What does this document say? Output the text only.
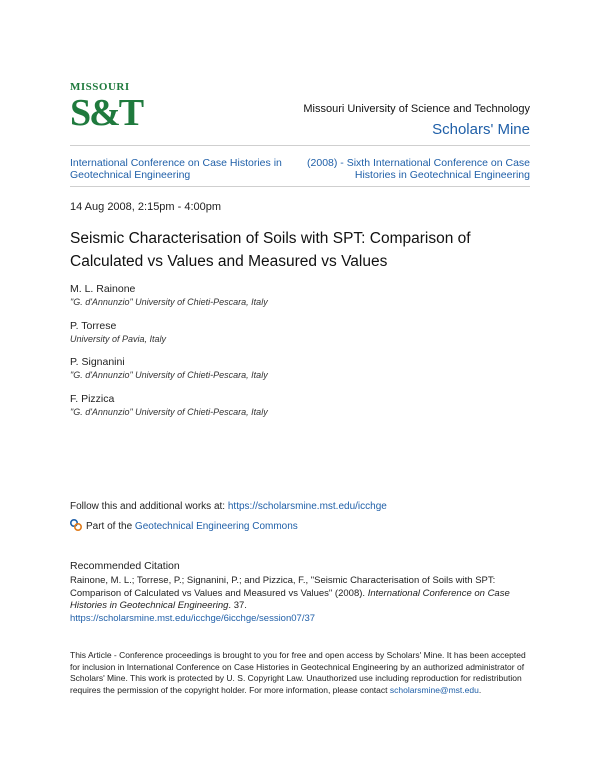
MISSOURI
S&T	Missouri University of Science and Technology
Scholars' Mine
International Conference on Case Histories in Geotechnical Engineering
(2008) - Sixth International Conference on Case Histories in Geotechnical Engineering
14 Aug 2008, 2:15pm - 4:00pm
Seismic Characterisation of Soils with SPT: Comparison of Calculated vs Values and Measured vs Values
M. L. Rainone
"G. d'Annunzio" University of Chieti-Pescara, Italy
P. Torrese
University of Pavia, Italy
P. Signanini
"G. d'Annunzio" University of Chieti-Pescara, Italy
F. Pizzica
"G. d'Annunzio" University of Chieti-Pescara, Italy
Follow this and additional works at: https://scholarsmine.mst.edu/icchge
Part of the Geotechnical Engineering Commons
Recommended Citation
Rainone, M. L.; Torrese, P.; Signanini, P.; and Pizzica, F., "Seismic Characterisation of Soils with SPT: Comparison of Calculated vs Values and Measured vs Values" (2008). International Conference on Case Histories in Geotechnical Engineering. 37.
https://scholarsmine.mst.edu/icchge/6icchge/session07/37
This Article - Conference proceedings is brought to you for free and open access by Scholars' Mine. It has been accepted for inclusion in International Conference on Case Histories in Geotechnical Engineering by an authorized administrator of Scholars' Mine. This work is protected by U. S. Copyright Law. Unauthorized use including reproduction for redistribution requires the permission of the copyright holder. For more information, please contact scholarsmine@mst.edu.
